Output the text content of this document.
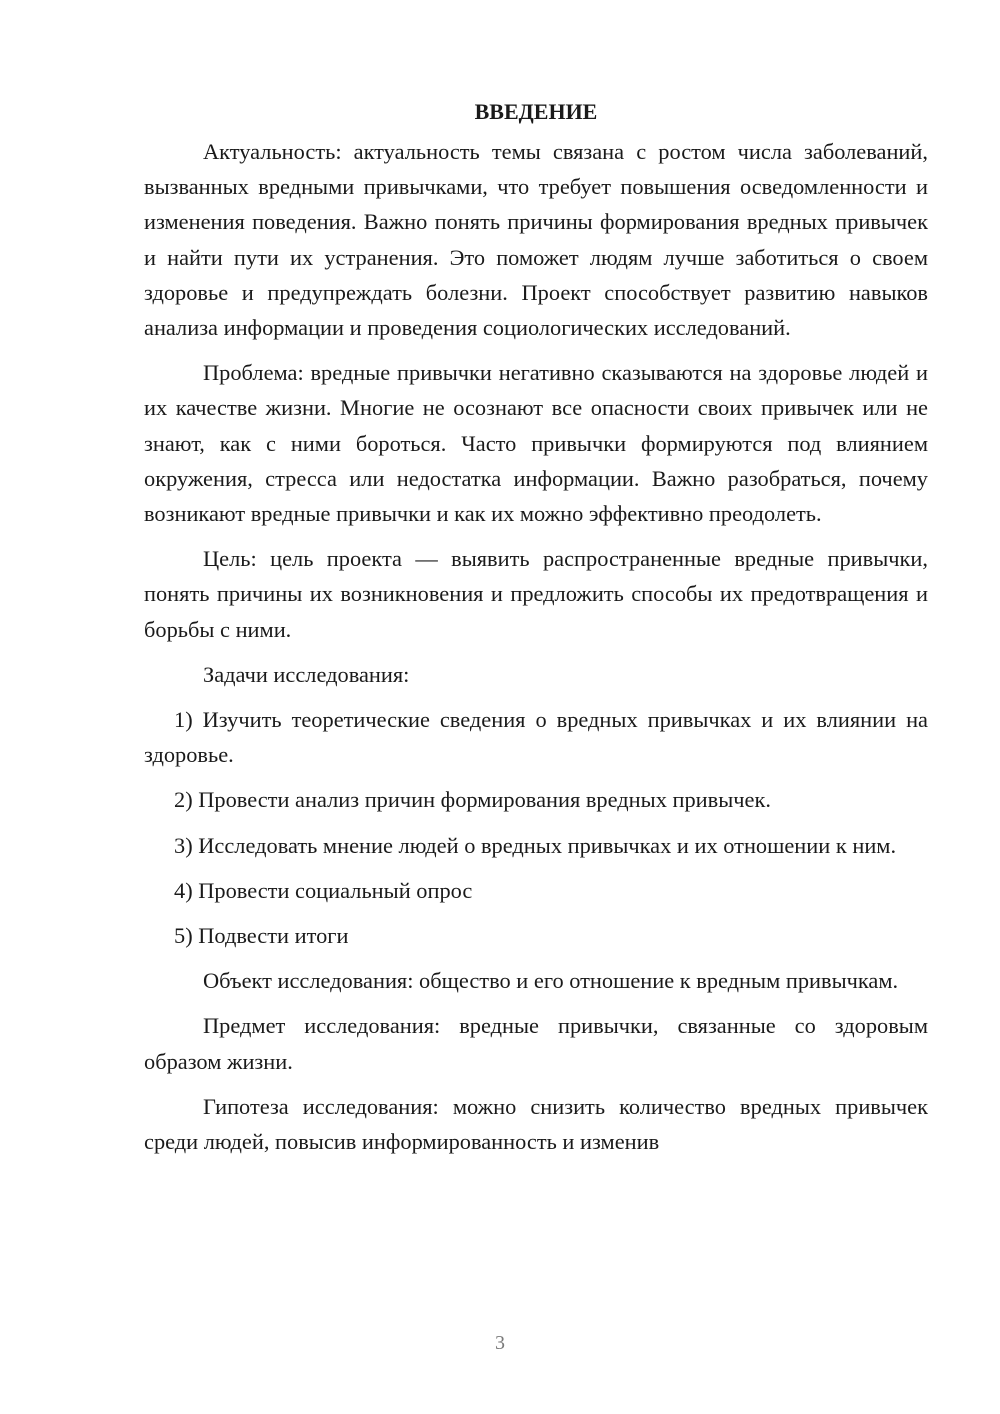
ВВЕДЕНИЕ

Актуальность: актуальность темы связана с ростом числа заболеваний, вызванных вредными привычками, что требует повышения осведомленности и изменения поведения. Важно понять причины формирования вредных привычек и найти пути их устранения. Это поможет людям лучше заботиться о своем здоровье и предупреждать болезни. Проект способствует развитию навыков анализа информации и проведения социологических исследований.

Проблема: вредные привычки негативно сказываются на здоровье людей и их качестве жизни. Многие не осознают все опасности своих привычек или не знают, как с ними бороться. Часто привычки формируются под влиянием окружения, стресса или недостатка информации. Важно разобраться, почему возникают вредные привычки и как их можно эффективно преодолеть.

Цель: цель проекта — выявить распространенные вредные привычки, понять причины их возникновения и предложить способы их предотвращения и борьбы с ними.

Задачи исследования:

1) Изучить теоретические сведения о вредных привычках и их влиянии на здоровье.

2) Провести анализ причин формирования вредных привычек.

3) Исследовать мнение людей о вредных привычках и их отношении к ним.

4) Провести социальный опрос

5) Подвести итоги

Объект исследования: общество и его отношение к вредным привычкам.

Предмет исследования: вредные привычки, связанные со здоровым образом жизни.

Гипотеза исследования: можно снизить количество вредных привычек среди людей, повысив информированность и изменив

3
